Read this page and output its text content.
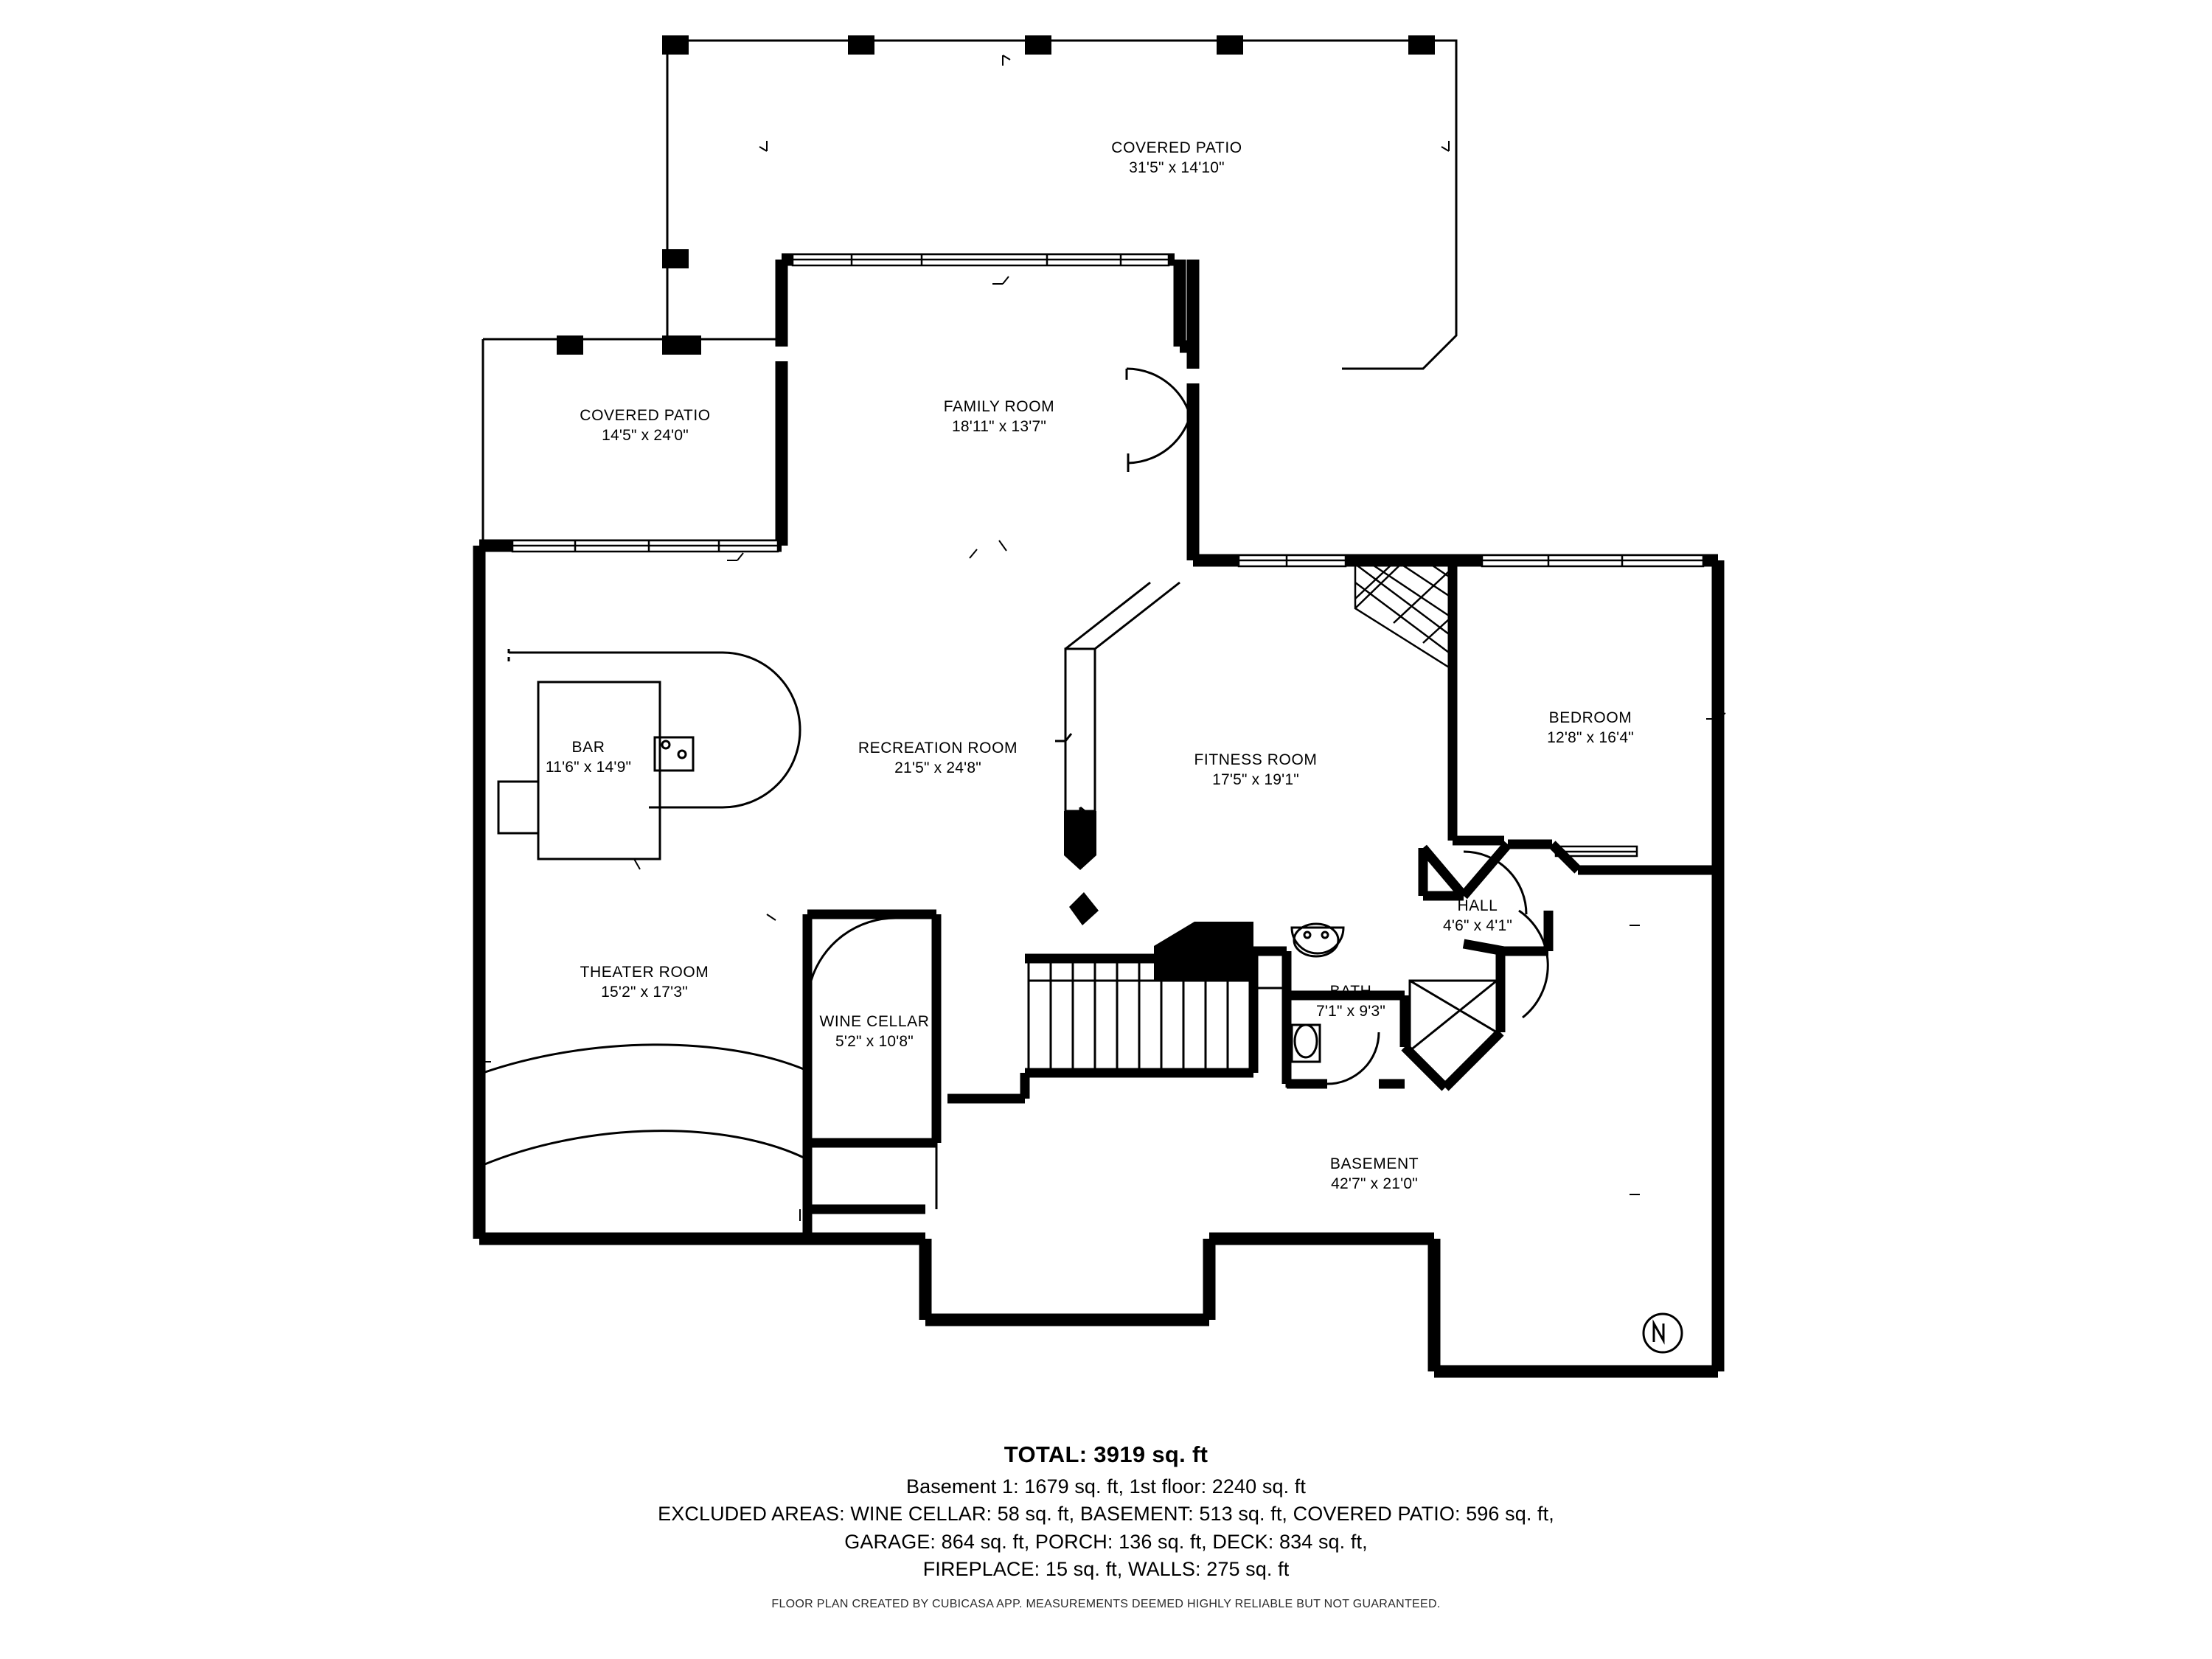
COVERED PATIO
31'5" x 14'10"
COVERED PATIO
14'5" x 24'0"
FAMILY ROOM
18'11" x 13'7"
BEDROOM
12'8" x 16'4"
BAR
11'6" x 14'9"
RECREATION ROOM
21'5" x 24'8"	FITNESS ROOM
17'5" x 19'1"
HALL
4'6" x 4'1"
THEATER ROOM
15'2" x 17'3"	BATH
7'1" x 9'3"
WINE CELLAR
5'2" x 10'8"
BASEMENT
42'7" x 21'0"
TOTAL: 3919 sq. ft
Basement 1: 1679 sq. ft, 1st floor: 2240 sq. ft
EXCLUDED AREAS: WINE CELLAR: 58 sq. ft, BASEMENT: 513 sq. ft, COVERED PATIO: 596 sq. ft,
GARAGE: 864 sq. ft, PORCH: 136 sq. ft, DECK: 834 sq. ft,
FIREPLACE: 15 sq. ft, WALLS: 275 sq. ft
FLOOR PLAN CREATED BY CUBICASA APP. MEASUREMENTS DEEMED HIGHLY RELIABLE BUT NOT GUARANTEED.
